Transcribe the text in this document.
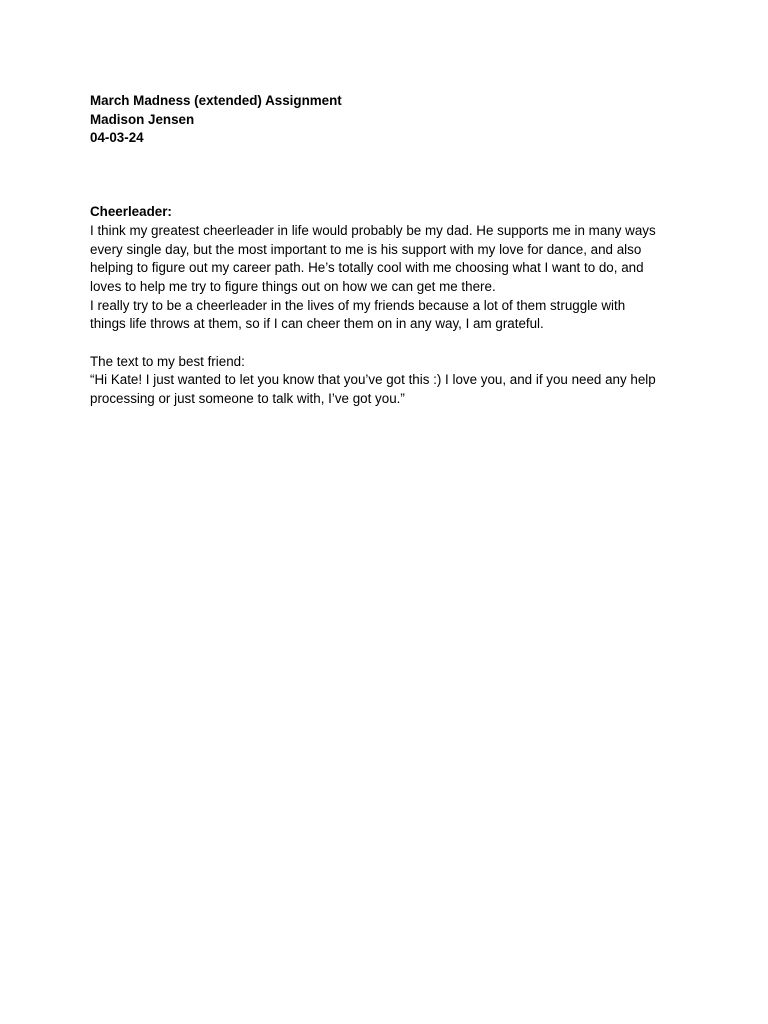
March Madness (extended) Assignment
Madison Jensen
04-03-24
Cheerleader:
I think my greatest cheerleader in life would probably be my dad. He supports me in many ways
every single day, but the most important to me is his support with my love for dance, and also
helping to figure out my career path. He’s totally cool with me choosing what I want to do, and
loves to help me try to figure things out on how we can get me there.
I really try to be a cheerleader in the lives of my friends because a lot of them struggle with
things life throws at them, so if I can cheer them on in any way, I am grateful.
The text to my best friend:
“Hi Kate! I just wanted to let you know that you’ve got this :) I love you, and if you need any help
processing or just someone to talk with, I’ve got you.”
